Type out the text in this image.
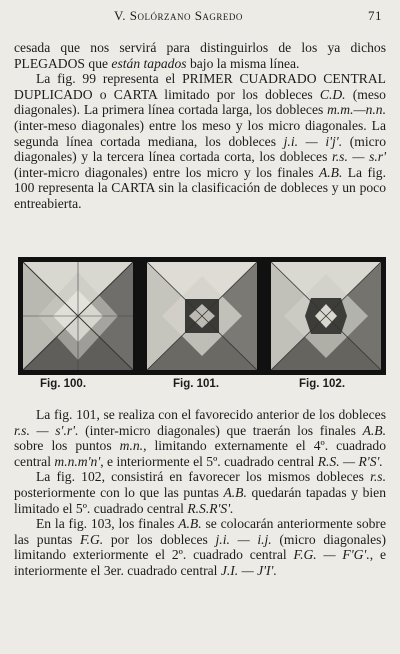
V. Solórzano Sagredo	71

cesada que nos servirá para distinguirlos de los ya dichos PLEGADOS que están tapados bajo la misma línea.

La fig. 99 representa el PRIMER CUADRADO CENTRAL DUPLICADO o CARTA limitado por los dobleces C.D. (meso diagonales). La primera línea cortada larga, los dobleces m.m.—n.n.(inter-meso diagonales) entre los meso y los micro diagonales. La segunda línea cortada mediana, los dobleces j.i. — i'j'. (micro diagonales) y la tercera línea cortada corta, los dobleces r.s. — s.r' (inter-micro diagonales) entre los micro y los finales A.B. La fig. 100 representa la CARTA sin la clasificación de dobleces y un poco entreabierta.

Fig. 100.	Fig. 101.	Fig. 102.

La fig. 101, se realiza con el favorecido anterior de los dobleces r.s. — s'.r'. (inter-micro diagonales) que traerán los finales A.B. sobre los puntos m.n., limitando externamente el 4º. cuadrado central m.n.m'n', e interiormente el 5º. cuadrado central R.S. — R'S'.

La fig. 102, consistirá en favorecer los mismos dobleces r.s. posteriormente con lo que las puntas A.B. quedarán tapadas y bien limitado el 5º. cuadrado central R.S.R'S'.

En la fig. 103, los finales A.B. se colocarán anteriormente sobre las puntas F.G. por los dobleces j.i. — i.j. (micro diagonales) limitando exteriormente el 2º. cuadrado central F.G. — F'G'., e interiormente el 3er. cuadrado central J.I. — J'I'.
